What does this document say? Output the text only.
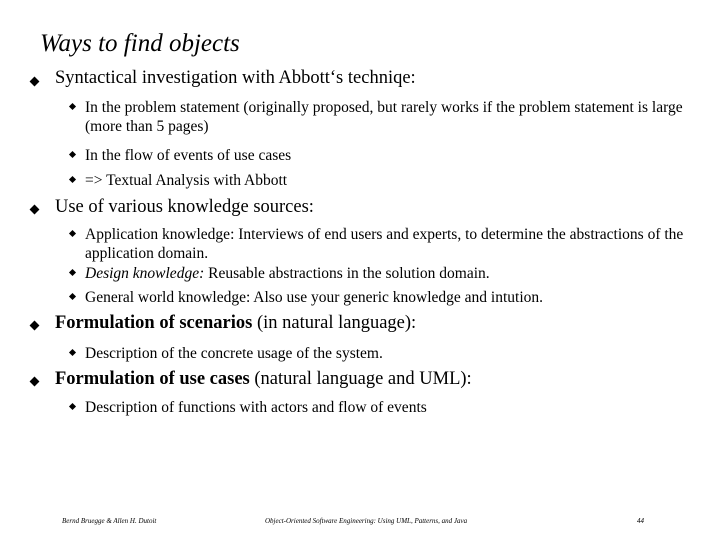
Ways to find objects
Syntactical investigation with Abbott‘s techniqe:
In the problem statement (originally proposed, but rarely works if the problem statement is large (more than 5 pages)
In the flow of events of use cases
=> Textual Analysis with Abbott
Use of various knowledge sources:
Application knowledge: Interviews of end users and experts, to determine the abstractions of the application domain.
Design knowledge: Reusable abstractions in the solution domain.
General world knowledge: Also use your generic knowledge and intution.
Formulation of scenarios (in natural language):
Description of the concrete usage of the system.
Formulation of use cases (natural language and UML):
Description of functions with actors and flow of events
Bernd Bruegge & Allen H. Dutoit	Object-Oriented Software Engineering: Using UML, Patterns, and Java	44
